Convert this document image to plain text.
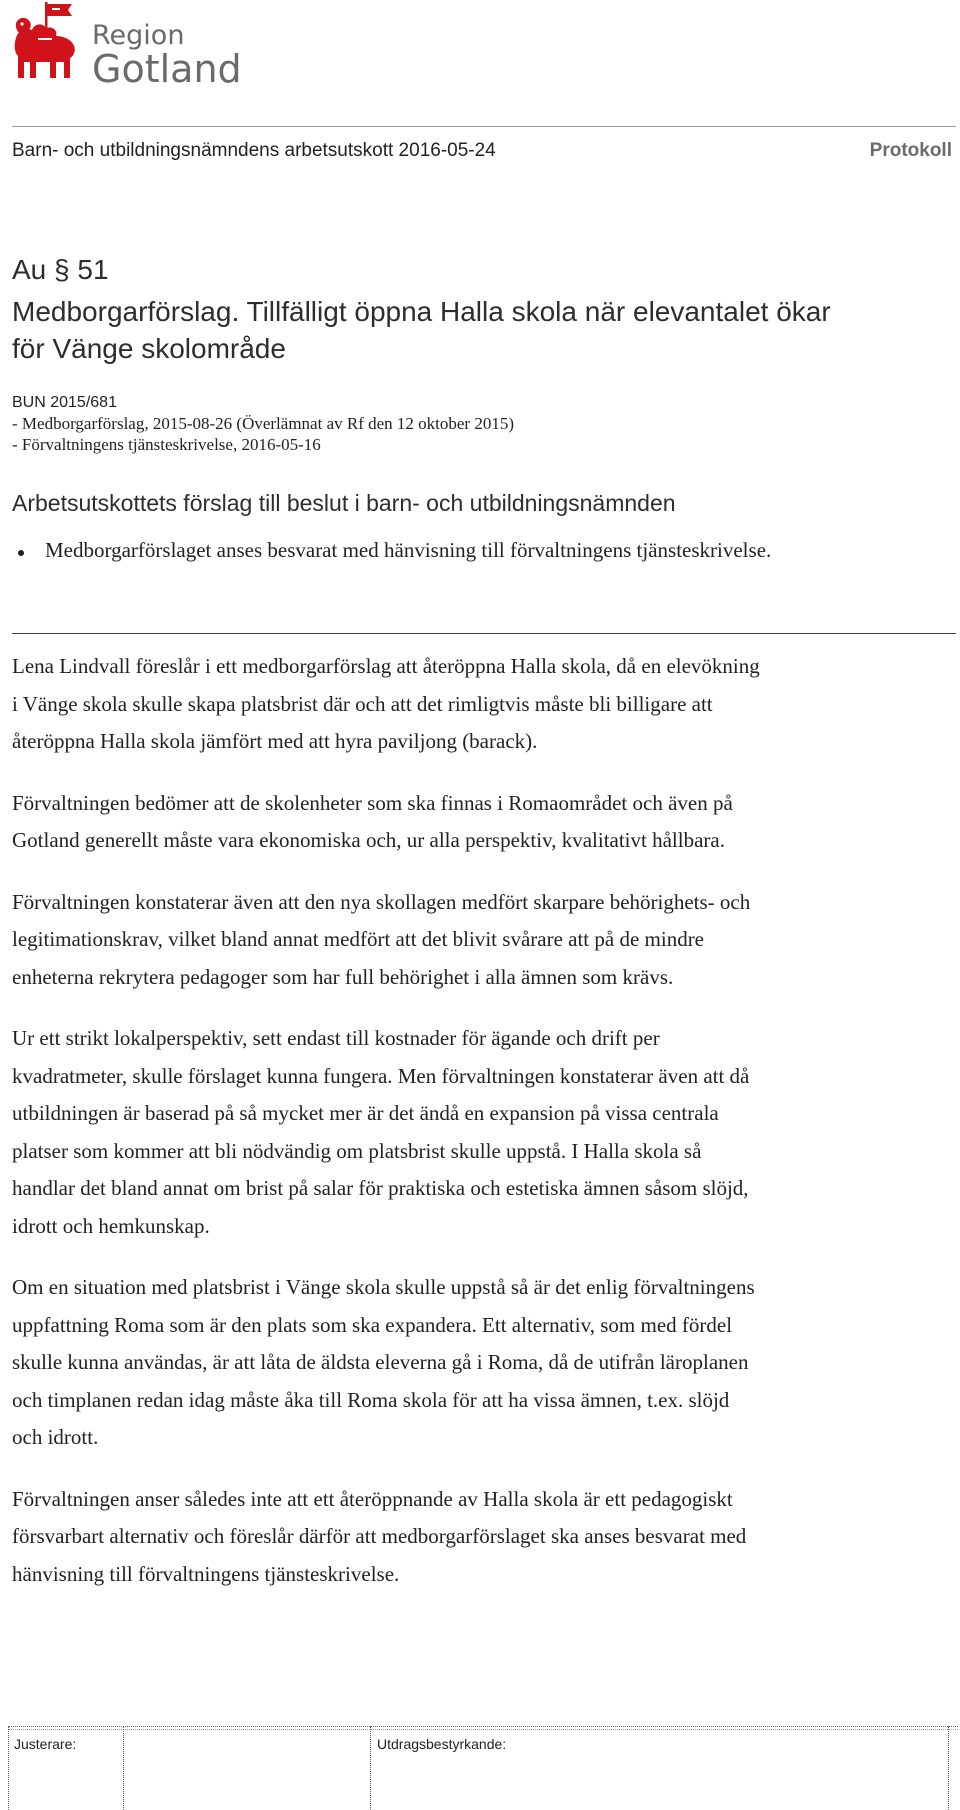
Region
Gotland
Barn- och utbildningsnämndens arbetsutskott 2016-05-24	Protokoll
Au § 51
Medborgarförslag. Tillfälligt öppna Halla skola när elevantalet ökar
för Vänge skolområde
BUN 2015/681
- Medborgarförslag, 2015-08-26 (Överlämnat av Rf den 12 oktober 2015)
- Förvaltningens tjänsteskrivelse, 2016-05-16
Arbetsutskottets förslag till beslut i barn- och utbildningsnämnden
Medborgarförslaget anses besvarat med hänvisning till förvaltningens tjänsteskrivelse.

Lena Lindvall föreslår i ett medborgarförslag att återöppna Halla skola, då en elevökning
i Vänge skola skulle skapa platsbrist där och att det rimligtvis måste bli billigare att
återöppna Halla skola jämfört med att hyra paviljong (barack).

Förvaltningen bedömer att de skolenheter som ska finnas i Romaområdet och även på
Gotland generellt måste vara ekonomiska och, ur alla perspektiv, kvalitativt hållbara.

Förvaltningen konstaterar även att den nya skollagen medfört skarpare behörighets- och
legitimationskrav, vilket bland annat medfört att det blivit svårare att på de mindre
enheterna rekrytera pedagoger som har full behörighet i alla ämnen som krävs.

Ur ett strikt lokalperspektiv, sett endast till kostnader för ägande och drift per
kvadratmeter, skulle förslaget kunna fungera. Men förvaltningen konstaterar även att då
utbildningen är baserad på så mycket mer är det ändå en expansion på vissa centrala
platser som kommer att bli nödvändig om platsbrist skulle uppstå. I Halla skola så
handlar det bland annat om brist på salar för praktiska och estetiska ämnen såsom slöjd,
idrott och hemkunskap.

Om en situation med platsbrist i Vänge skola skulle uppstå så är det enlig förvaltningens
uppfattning Roma som är den plats som ska expandera. Ett alternativ, som med fördel
skulle kunna användas, är att låta de äldsta eleverna gå i Roma, då de utifrån läroplanen
och timplanen redan idag måste åka till Roma skola för att ha vissa ämnen, t.ex. slöjd
och idrott.

Förvaltningen anser således inte att ett återöppnande av Halla skola är ett pedagogiskt
försvarbart alternativ och föreslår därför att medborgarförslaget ska anses besvarat med
hänvisning till förvaltningens tjänsteskrivelse.

Justerare:	Utdragsbestyrkande:
